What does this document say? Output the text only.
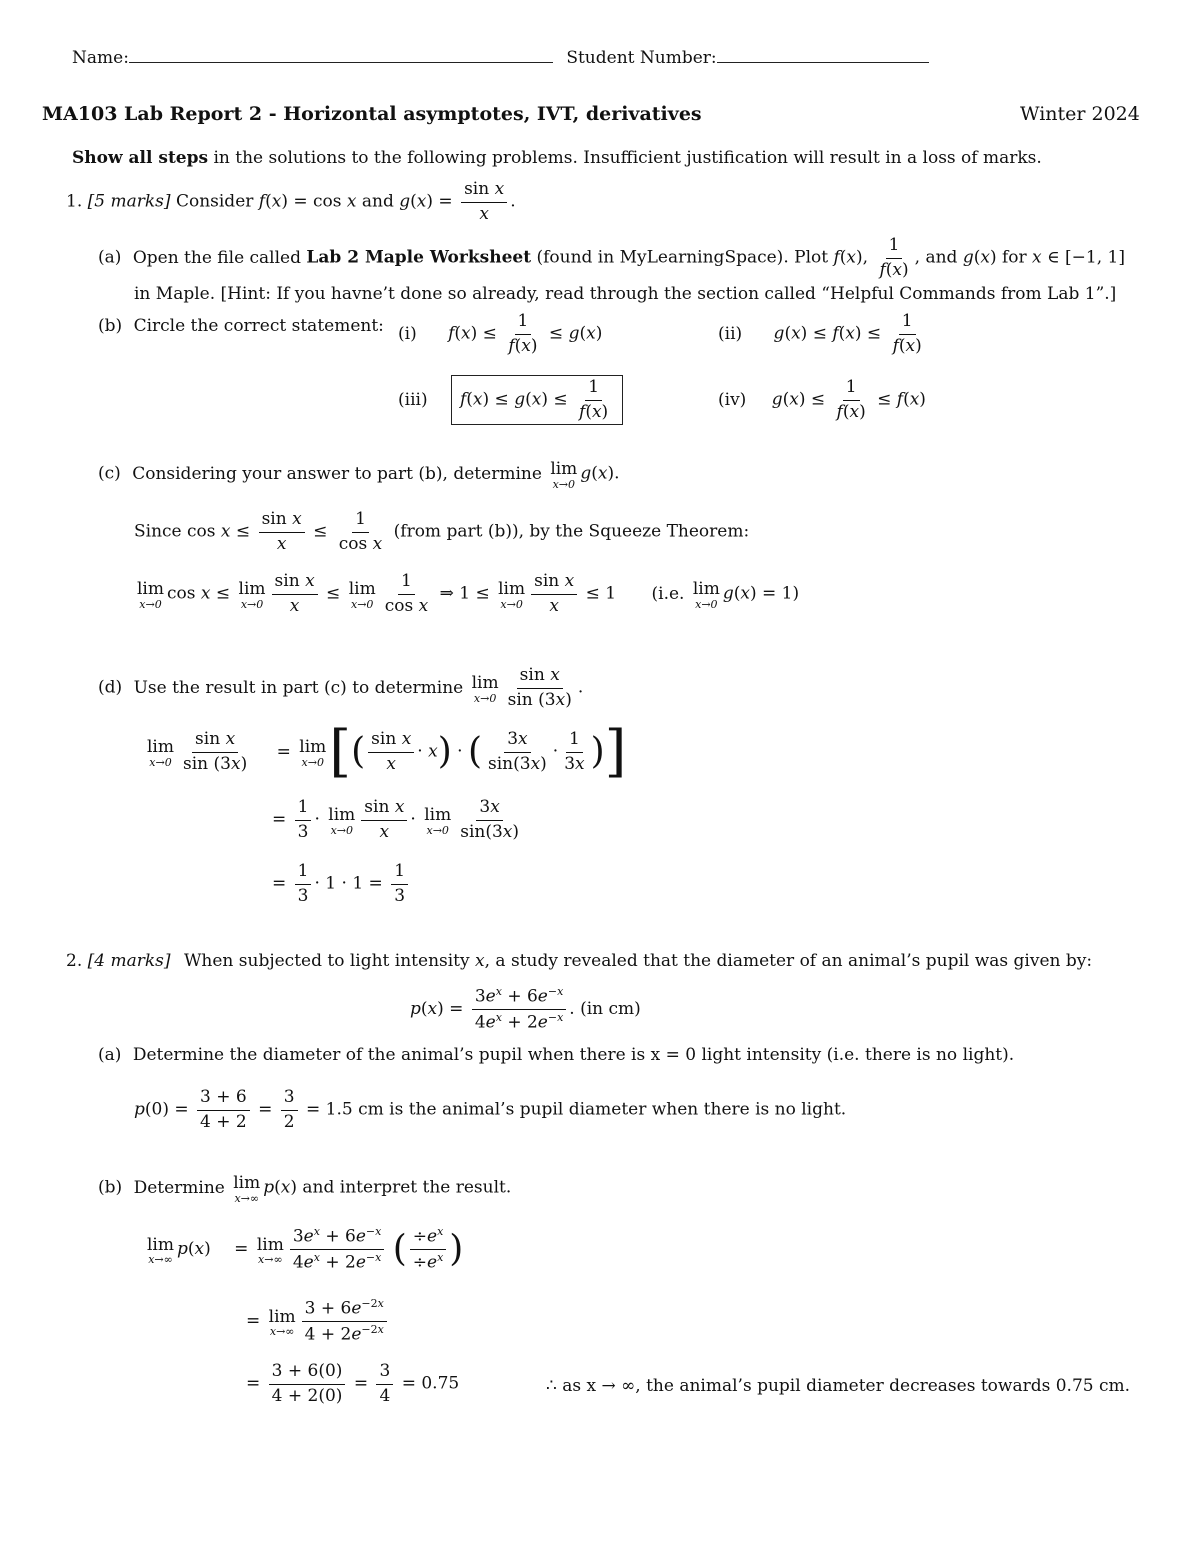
Name:	Student Number:
MA103 Lab Report 2 - Horizontal asymptotes, IVT, derivatives	Winter 2024
Show all steps in the solutions to the following problems. Insufficient justification will result in a loss of marks.
1. [5 marks] Consider f(x) = cos x and $g(x) = \frac{\text{sin x}}{x}$ .
(a) Open the file called Lab 2 Maple Worksheet (found in MyLearningSpace). Plot f(x), $\frac{1}{f(x)}$ , and g(x) for x ∈ [−1, 1]
in Maple. [Hint: If you havne’t done so already, read through the section called “Helpful Commands from Lab 1”.]
(b) Circle the correct statement: (i) $f(x) \le \frac{1}{f(x)} \le g(x)$	(ii) $g(x) \le f(x) \le \frac{1}{f(x)}$
(iii) $f(x) \le g(x) \le \frac{1}{f(x)}$	(iv) $g(x) \le \frac{1}{f(x)} \le f(x)$
(c) Considering your answer to part (b), determine lim
x→0
g(x).
Since $\cos x \le \frac{\text{sin x}}{x} \le \frac{1}{\text{cos x}}$ (from part (b)), by the Squeeze Theorem:
lim
x→0
cos x ≤ lim
$x\to 0 \frac{\text{sin x}}{x} \le \lim$
$x\to 0 \frac{1}{\text{cos x}}$ ⇒ 1 ≤ lim
$x\to 0 \frac{\text{sin x}}{x} \le 1$ (i.e. lim
x→0
g(x) = 1)
(d) Use the result in part (c) to determine lim
$x\to 0 \frac{\text{sin x}}{\sin (3x)}$ .
lim
$x\to 0 \frac{\text{sin x}}{\sin (3x)} = \lim$
x→0 [( $\frac{\text{sin x}}{x} \cdot x$) · ( $\frac{3x}{\sin(3x)} \cdot \frac{1}{3x}$ )]
= $\frac{1}{3} \cdot \lim$
$x\to 0 \frac{\text{sin x}}{x} \cdot \lim$
$x\to 0 \frac{3x}{\sin(3x)}$
= $\frac{1}{3} \cdot 1 \cdot 1 = \frac{1}{3}$
2. [4 marks] When subjected to light intensity x, a study revealed that the diameter of an animal’s pupil was given by:
$p(x) = \frac{3e^x + 6e^{-x}}{4e^x + 2e^{-x}}$ . (in cm)
(a) Determine the diameter of the animal’s pupil when there is x = 0 light intensity (i.e. there is no light).
$p(0) = \frac{3 + 6}{4 + 2} = \frac{3}{2} = 1.5$ cm is the animal’s pupil diameter when there is no light.
(b) Determine lim
x→∞
p(x) and interpret the result.
lim
x→∞
p(x) = lim
$x\to\infty \frac{3e^x + 6e^{-x}}{4e^x + 2e^{-x}}$ ( $\frac{\div e^x}{\div e^x}$ )
= lim
$x\to\infty \frac{3 + 6e^{-2x}}{4 + 2e^{-2x}}$
= $\frac{3 + 6(0)}{4 + 2(0)} = \frac{3}{4} = 0.75$	∴ as x → ∞, the animal’s pupil diameter decreases towards 0.75 cm.
